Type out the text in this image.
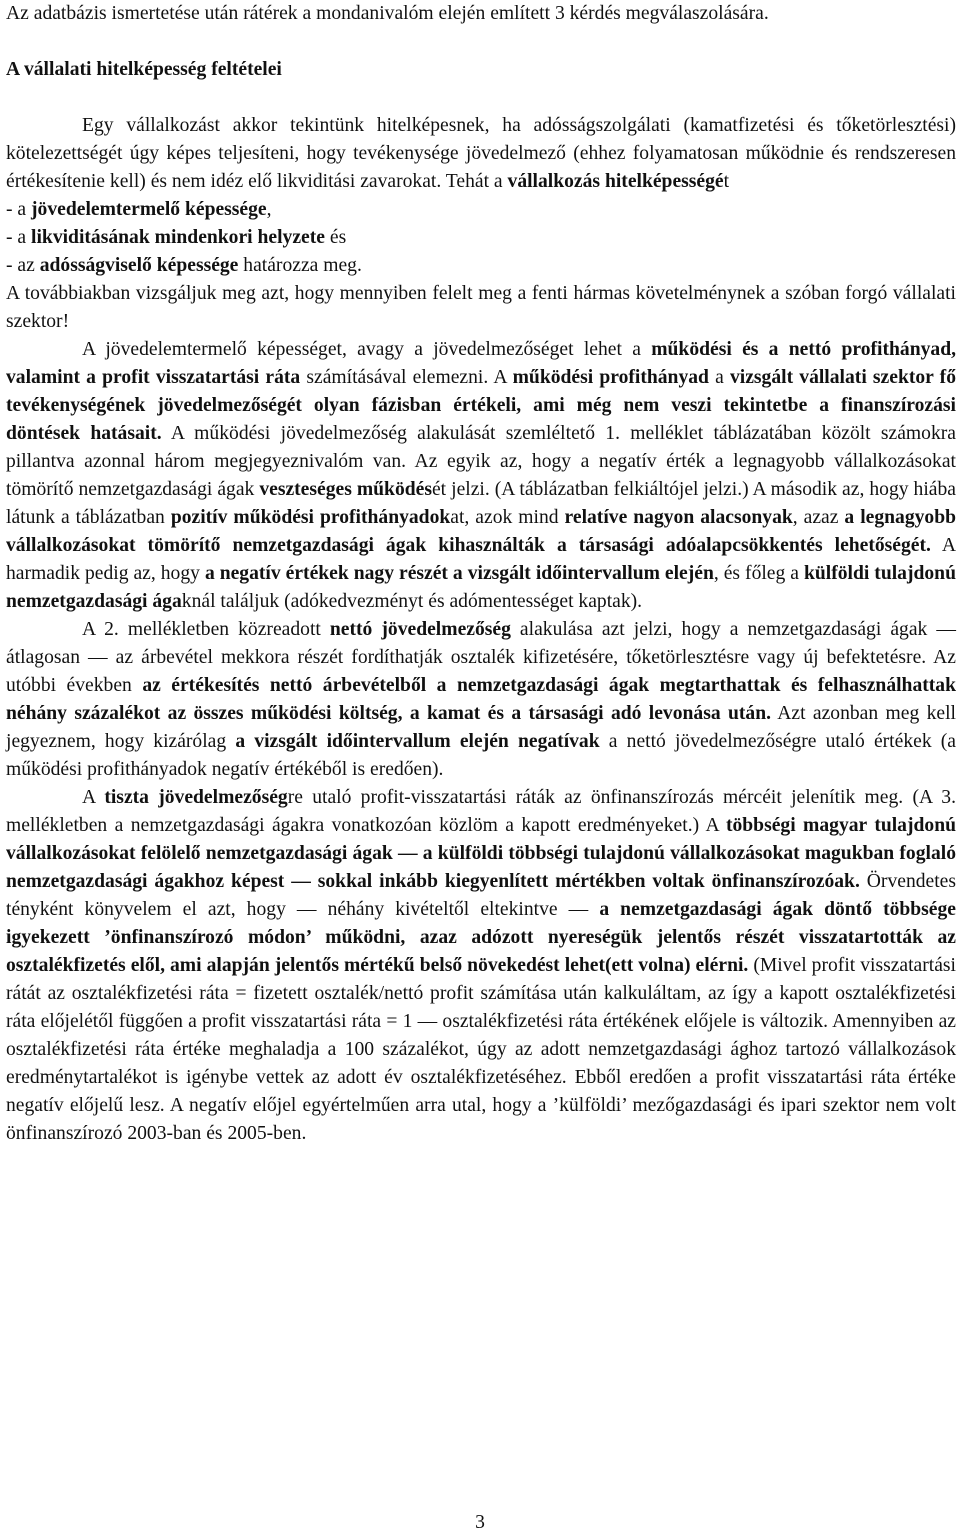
Az adatbázis ismertetése után rátérek a mondanivalóm elején említett 3 kérdés megválaszolására.

A vállalati hitelképesség feltételei

Egy vállalkozást akkor tekintünk hitelképesnek, ha adósságszolgálati (kamatfizetési és tőketörlesztési) kötelezettségét úgy képes teljesíteni, hogy tevékenysége jövedelmező (ehhez folyamatosan működnie és rendszeresen értékesítenie kell) és nem idéz elő likviditási zavarokat. Tehát a vállalkozás hitelképességét

- a jövedelemtermelő képessége,

- a likviditásának mindenkori helyzete és

- az adósságviselő képessége határozza meg.

A továbbiakban vizsgáljuk meg azt, hogy mennyiben felelt meg a fenti hármas követelménynek a szóban forgó vállalati szektor!

A jövedelemtermelő képességet, avagy a jövedelmezőséget lehet a működési és a nettó profithányad, valamint a profit visszatartási ráta számításával elemezni. A működési profithányad a vizsgált vállalati szektor fő tevékenységének jövedelmezőségét olyan fázisban értékeli, ami még nem veszi tekintetbe a finanszírozási döntések hatásait. A működési jövedelmezőség alakulását szemléltető 1. melléklet táblázatában közölt számokra pillantva azonnal három megjegyeznivalóm van. Az egyik az, hogy a negatív érték a legnagyobb vállalkozásokat tömörítő nemzetgazdasági ágak veszteséges működését jelzi. (A táblázatban felkiáltójel jelzi.) A második az, hogy hiába látunk a táblázatban pozitív működési profithányadokat, azok mind relatíve nagyon alacsonyak, azaz a legnagyobb vállalkozásokat tömörítő nemzetgazdasági ágak kihasználták a társasági adóalapcsökkentés lehetőségét. A harmadik pedig az, hogy a negatív értékek nagy részét a vizsgált időintervallum elején, és főleg a külföldi tulajdonú nemzetgazdasági ágaknál találjuk (adókedvezményt és adómentességet kaptak).

A 2. mellékletben közreadott nettó jövedelmezőség alakulása azt jelzi, hogy a nemzetgazdasági ágak — átlagosan — az árbevétel mekkora részét fordíthatják osztalék kifizetésére, tőketörlesztésre vagy új befektetésre. Az utóbbi években az értékesítés nettó árbevételből a nemzetgazdasági ágak megtarthattak és felhasználhattak néhány százalékot az összes működési költség, a kamat és a társasági adó levonása után. Azt azonban meg kell jegyeznem, hogy kizárólag a vizsgált időintervallum elején negatívak a nettó jövedelmezőségre utaló értékek (a működési profithányadok negatív értékéből is eredően).

A tiszta jövedelmezőségre utaló profit-visszatartási ráták az önfinanszírozás mércéit jelenítik meg. (A 3. mellékletben a nemzetgazdasági ágakra vonatkozóan közlöm a kapott eredményeket.) A többségi magyar tulajdonú vállalkozásokat felölelő nemzetgazdasági ágak — a külföldi többségi tulajdonú vállalkozásokat magukban foglaló nemzetgazdasági ágakhoz képest — sokkal inkább kiegyenlített mértékben voltak önfinanszírozóak. Örvendetes tényként könyvelem el azt, hogy — néhány kivételtől eltekintve — a nemzetgazdasági ágak döntő többsége igyekezett ’önfinanszírozó módon’ működni, azaz adózott nyereségük jelentős részét visszatartották az osztalékfizetés elől, ami alapján jelentős mértékű belső növekedést lehet(ett volna) elérni. (Mivel profit visszatartási rátát az osztalékfizetési ráta = fizetett osztalék/nettó profit számítása után kalkuláltam, az így a kapott osztalékfizetési ráta előjelétől függően a profit visszatartási ráta = 1 — osztalékfizetési ráta értékének előjele is változik. Amennyiben az osztalékfizetési ráta értéke meghaladja a 100 százalékot, úgy az adott nemzetgazdasági ághoz tartozó vállalkozások eredménytartalékot is igénybe vettek az adott év osztalékfizetéséhez. Ebből eredően a profit visszatartási ráta értéke negatív előjelű lesz. A negatív előjel egyértelműen arra utal, hogy a ’külföldi’ mezőgazdasági és ipari szektor nem volt önfinanszírozó 2003-ban és 2005-ben.

3
